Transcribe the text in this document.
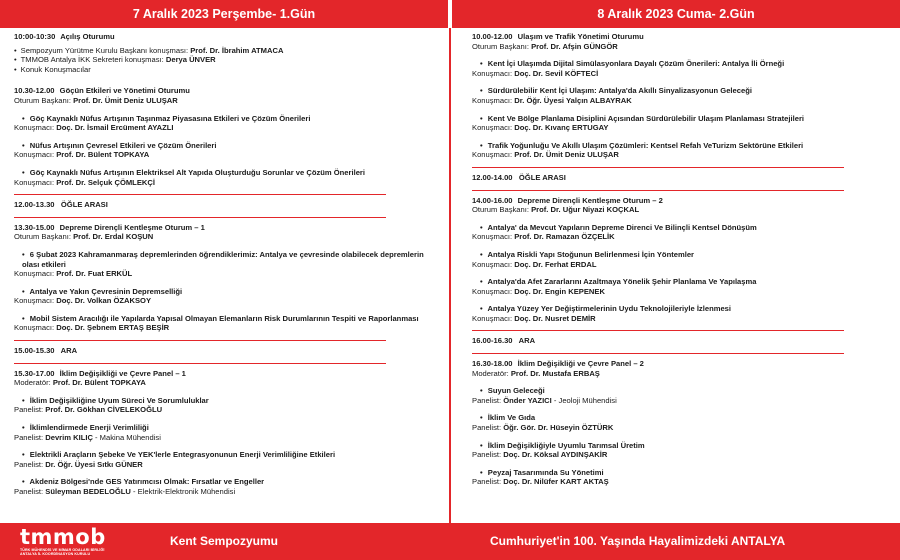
7 Aralık 2023 Perşembe- 1.Gün	8 Aralık 2023 Cuma- 2.Gün
10:00-10:30 Açılış Oturumu
• Sempozyum Yürütme Kurulu Başkanı konuşması: Prof. Dr. İbrahim ATMACA
• TMMOB Antalya İKK Sekreteri konuşması: Derya ÜNVER
• Konuk Konuşmacılar
10.30-12.00 Göçün Etkileri ve Yönetimi Oturumu
Oturum Başkanı: Prof. Dr. Ümit Deniz ULUŞAR
• Göç Kaynaklı Nüfus Artışının Taşınmaz Piyasasına Etkileri ve Çözüm Önerileri
Konuşmacı: Doç. Dr. İsmail Ercüment AYAZLI
• Nüfus Artışının Çevresel Etkileri ve Çözüm Önerileri
Konuşmacı: Prof. Dr. Bülent TOPKAYA
• Göç Kaynaklı Nüfus Artışının Elektriksel Alt Yapıda Oluşturduğu Sorunlar ve Çözüm Önerileri
Konuşmacı: Prof. Dr. Selçuk ÇÖMLEKÇİ
12.00-13.30 ÖĞLE ARASI
13.30-15.00 Depreme Dirençli Kentleşme Oturum – 1
Oturum Başkanı: Prof. Dr. Erdal KOŞUN
• 6 Şubat 2023 Kahramanmaraş depremlerinden öğrendiklerimiz: Antalya ve çevresinde olabilecek depremlerin olası etkileri
Konuşmacı: Prof. Dr. Fuat ERKÜL
• Antalya ve Yakın Çevresinin Depremselliği
Konuşmacı: Doç. Dr. Volkan ÖZAKSOY
• Mobil Sistem Aracılığı ile Yapılarda Yapısal Olmayan Elemanların Risk Durumlarının Tespiti ve Raporlanması
Konuşmacı: Doç. Dr. Şebnem ERTAŞ BEŞİR
15.00-15.30 ARA
15.30-17.00 İklim Değişikliği ve Çevre Panel – 1
Moderatör: Prof. Dr. Bülent TOPKAYA
• İklim Değişikliğine Uyum Süreci Ve Sorumluluklar
Panelist: Prof. Dr. Gökhan CİVELEKOĞLU
• İklimlendirmede Enerji Verimliliği
Panelist: Devrim KILIÇ - Makina Mühendisi
• Elektrikli Araçların Şebeke Ve YEK'lerle Entegrasyonunun Enerji Verimliliğine Etkileri
Panelist: Dr. Öğr. Üyesi Sıtkı GÜNER
• Akdeniz Bölgesi'nde GES Yatırımcısı Olmak: Fırsatlar ve Engeller
Panelist: Süleyman BEDELOĞLU - Elektrik-Elektronik Mühendisi
10.00-12.00 Ulaşım ve Trafik Yönetimi Oturumu
Oturum Başkanı: Prof. Dr. Afşin GÜNGÖR
• Kent İçi Ulaşımda Dijital Simülasyonlara Dayalı Çözüm Önerileri: Antalya İli Örneği
Konuşmacı: Doç. Dr. Sevil KÖFTECİ
• Sürdürülebilir Kent İçi Ulaşım: Antalya'da Akıllı Sinyalizasyonun Geleceği
Konuşmacı: Dr. Öğr. Üyesi Yalçın ALBAYRAK
• Kent Ve Bölge Planlama Disiplini Açısından Sürdürülebilir Ulaşım Planlaması Stratejileri
Konuşmacı: Doç. Dr. Kıvanç ERTUGAY
• Trafik Yoğunluğu Ve Akıllı Ulaşım Çözümleri: Kentsel Refah VeTurizm Sektörüne Etkileri
Konuşmacı: Prof. Dr. Ümit Deniz ULUŞAR
12.00-14.00 ÖĞLE ARASI
14.00-16.00 Depreme Dirençli Kentleşme Oturum – 2
Oturum Başkanı: Prof. Dr. Uğur Niyazi KOÇKAL
• Antalya' da Mevcut Yapıların Depreme Direnci Ve Bilinçli Kentsel Dönüşüm
Konuşmacı: Prof. Dr. Ramazan ÖZÇELİK
• Antalya Riskli Yapı Stoğunun Belirlenmesi İçin Yöntemler
Konuşmacı: Doç. Dr. Ferhat ERDAL
• Antalya'da Afet Zararlarını Azaltmaya Yönelik Şehir Planlama Ve Yapılaşma
Konuşmacı: Doç. Dr. Engin KEPENEK
• Antalya Yüzey Yer Değiştirmelerinin Uydu Teknolojileriyle İzlenmesi
Konuşmacı: Doç. Dr. Nusret DEMİR
16.00-16.30 ARA
16.30-18.00 İklim Değişikliği ve Çevre Panel – 2
Moderatör: Prof. Dr. Mustafa ERBAŞ
• Suyun Geleceği
Panelist: Önder YAZICI - Jeoloji Mühendisi
• İklim Ve Gıda
Panelist: Öğr. Gör. Dr. Hüseyin ÖZTÜRK
• İklim Değişikliğiyle Uyumlu Tarımsal Üretim
Panelist: Doç. Dr. Köksal AYDINŞAKİR
• Peyzaj Tasarımında Su Yönetimi
Panelist: Doç. Dr. Nilüfer KART AKTAŞ
tmmob
TÜRK MÜHENDİS VE MİMAR ODALARI BİRLİĞİ
ANTALYA İL KOORDİNASYON KURULU
Kent Sempozyumu	Cumhuriyet'in 100. Yaşında Hayalimizdeki ANTALYA
